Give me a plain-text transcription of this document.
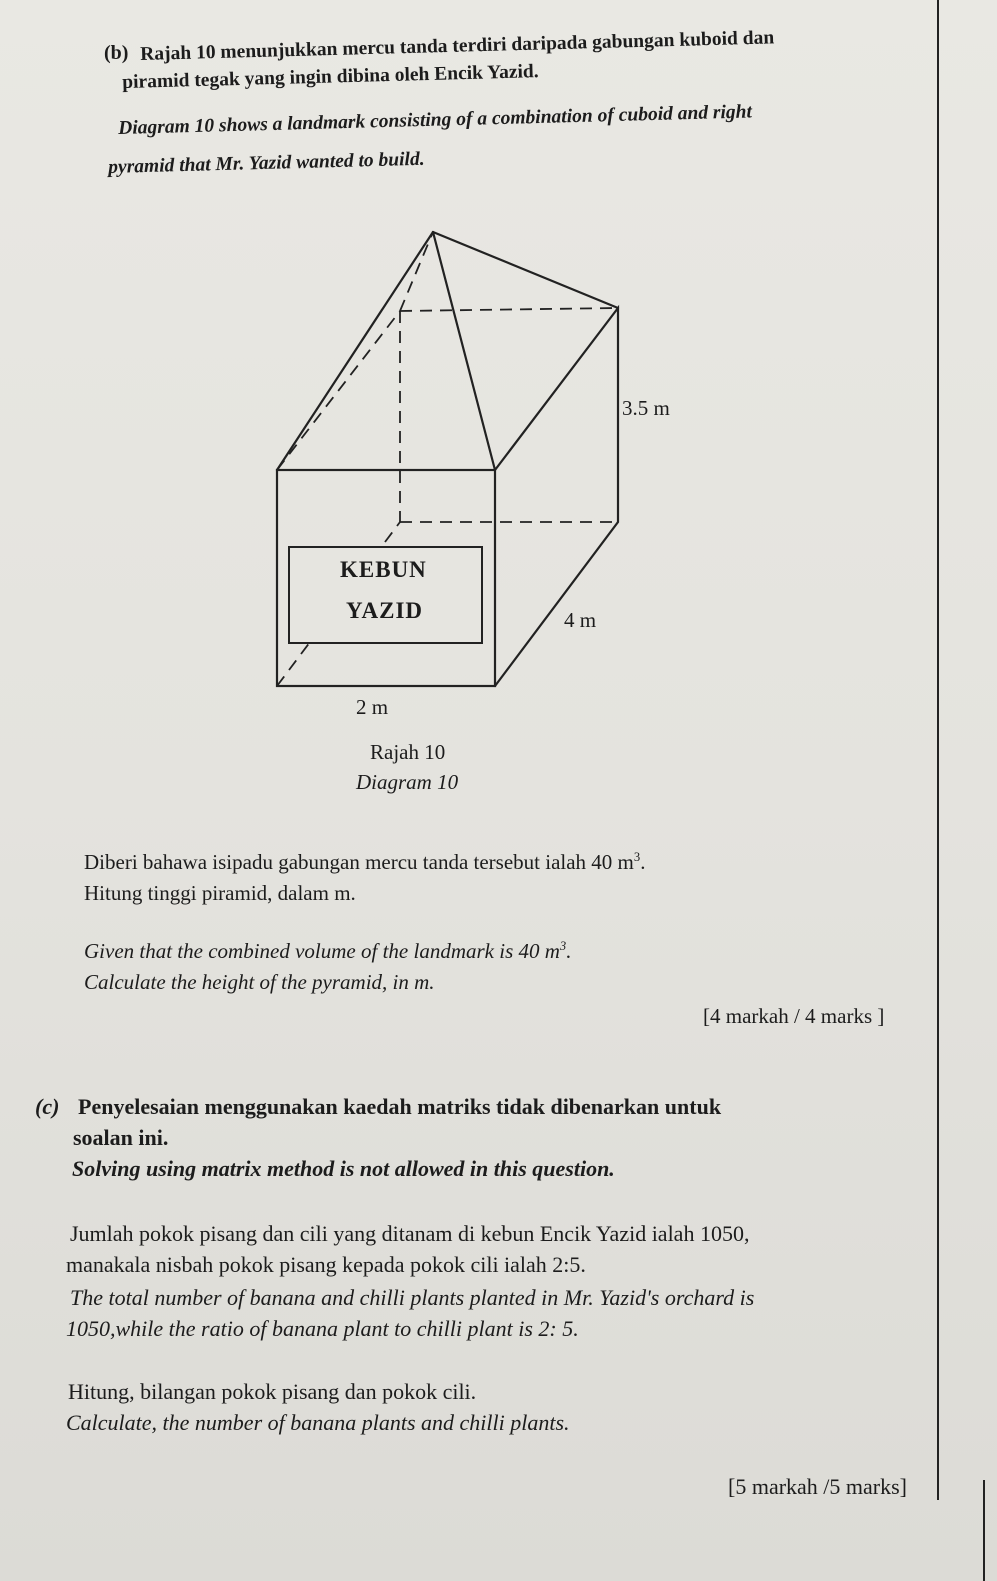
(b) Rajah 10 menunjukkan mercu tanda terdiri daripada gabungan kuboid dan
piramid tegak yang ingin dibina oleh Encik Yazid.
Diagram 10 shows a landmark consisting of a combination of cuboid and right
pyramid that Mr. Yazid wanted to build.
KEBUN
YAZID
3.5 m
4 m
2 m
Rajah 10
Diagram 10
Diberi bahawa isipadu gabungan mercu tanda tersebut ialah 40 $m^3$.
Hitung tinggi piramid, dalam m.
Given that the combined volume of the landmark is 40 $m^3$.
Calculate the height of the pyramid, in m.
[4 markah / 4 marks ]
(c) Penyelesaian menggunakan kaedah matriks tidak dibenarkan untuk
soalan ini.
Solving using matrix method is not allowed in this question.
Jumlah pokok pisang dan cili yang ditanam di kebun Encik Yazid ialah 1050,
manakala nisbah pokok pisang kepada pokok cili ialah 2:5.
The total number of banana and chilli plants planted in Mr. Yazid's orchard is
1050,while the ratio of banana plant to chilli plant is 2: 5.
Hitung, bilangan pokok pisang dan pokok cili.
Calculate, the number of banana plants and chilli plants.
[5 markah /5 marks]
